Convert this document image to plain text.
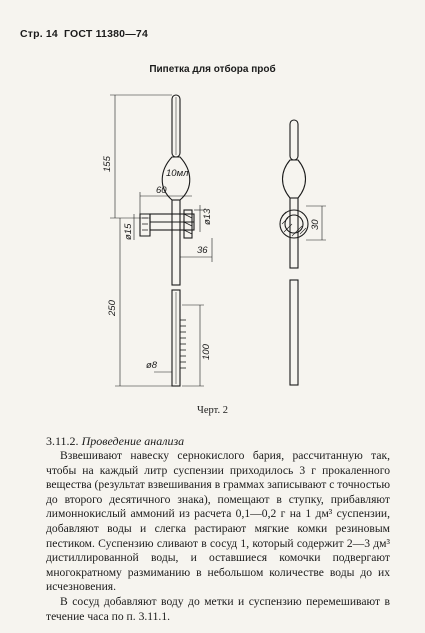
Стр. 14 ГОСТ 11380—74
Пипетка для отбора проб
10мл
155
250
60
ø13
ø15
36
100
ø8
30
Черт. 2
3.11.2. Проведение анализа

Взвешивают навеску сернокислого бария, рассчитанную так, чтобы на каждый литр суспензии приходилось 3 г прокаленного вещества (результат взвешивания в граммах записывают с точностью до второго десятичного знака), помещают в ступку, прибавляют лимоннокислый аммоний из расчета 0,1—0,2 г на 1 дм³ суспензии, добавляют воды и слегка растирают мягкие комки резиновым пестиком. Суспензию сливают в сосуд 1, который содержит 2—3 дм³ дистиллированной воды, и оставшиеся комочки подвергают многократному размиманию в небольшом количестве воды до их исчезновения.

В сосуд добавляют воду до метки и суспензию перемешивают в течение часа по п. 3.11.1.
